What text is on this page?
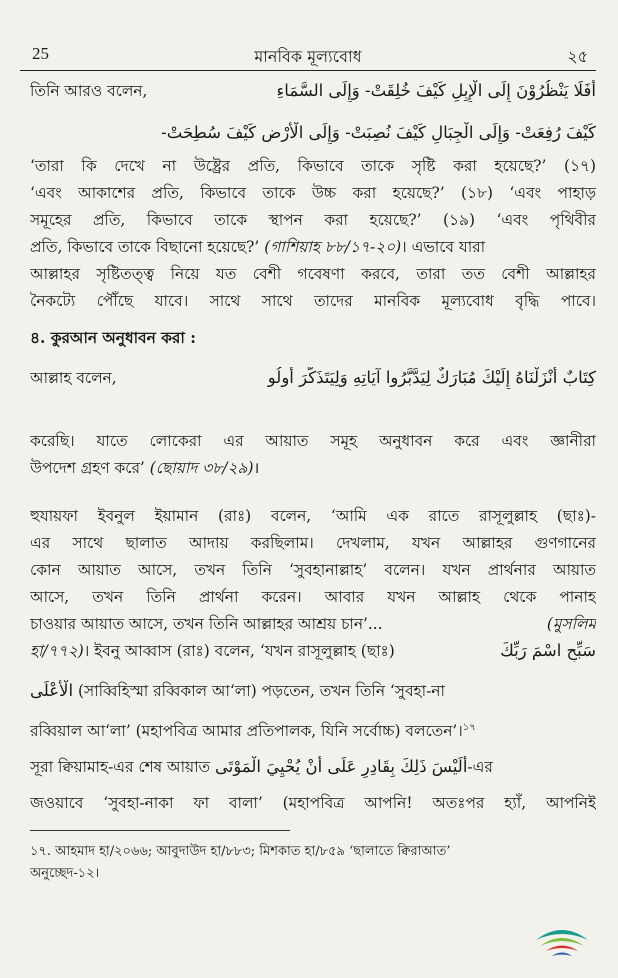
25	মানবিক মূল্যবোধ	২৫
তিনি আরও বলেন,	أَفَلَا يَنْظُرُوْنَ إِلَى الْإِبِلِ كَيْفَ خُلِقَتْ- وَإِلَى السَّمَاءِ
كَيْفَ رُفِعَتْ- وَإِلَى الْجِبَالِ كَيْفَ نُصِبَتْ- وَإِلَى الْأَرْضِ كَيْفَ سُطِحَتْ-
‘তারা কি দেখে না উষ্ট্রের প্রতি, কিভাবে তাকে সৃষ্টি করা হয়েছে?’ (১৭)
‘এবং আকাশের প্রতি, কিভাবে তাকে উচ্চ করা হয়েছে?’ (১৮) ‘এবং পাহাড়
সমূহের প্রতি, কিভাবে তাকে স্থাপন করা হয়েছে?’ (১৯) ‘এবং পৃথিবীর
প্রতি, কিভাবে তাকে বিছানো হয়েছে?’ (গাশিয়াহ ৮৮/১৭-২০)। এভাবে যারা
আল্লাহর সৃষ্টিতত্ত্ব নিয়ে যত বেশী গবেষণা করবে, তারা তত বেশী আল্লাহর
নৈকট্যে পৌঁছে যাবে। সাথে সাথে তাদের মানবিক মূল্যবোধ বৃদ্ধি পাবে।
৪. কুরআন অনুধাবন করা :
আল্লাহ বলেন,	كِتَابٌ أَنْزَلْنَاهُ إِلَيْكَ مُبَارَكٌ لِيَدَّبَّرُوا آيَاتِهِ وَلِيَتَذَكَّرَ أُولُو
করেছি। যাতে লোকেরা এর আয়াত সমূহ অনুধাবন করে এবং জ্ঞানীরা
উপদেশ গ্রহণ করে’ (ছোয়াদ ৩৮/২৯)।
হুযায়ফা ইবনুল ইয়ামান (রাঃ) বলেন, ‘আমি এক রাতে রাসূলুল্লাহ (ছাঃ)-
এর সাথে ছালাত আদায় করছিলাম। দেখলাম, যখন আল্লাহর গুণগানের
কোন আয়াত আসে, তখন তিনি ‘সুবহানাল্লাহ’ বলেন। যখন প্রার্থনার আয়াত
আসে, তখন তিনি প্রার্থনা করেন। আবার যখন আল্লাহ থেকে পানাহ
চাওয়ার আয়াত আসে, তখন তিনি আল্লাহর আশ্রয় চান’...	(মুসলিম
হা/৭৭২)। ইবনু আব্বাস (রাঃ) বলেন, ‘যখন রাসূলুল্লাহ (ছাঃ)	سَبِّحِ اسْمَ رَبِّكَ
الْأَعْلَى (সাব্বিহিস্মা রব্বিকাল আ‘লা) পড়তেন, তখন তিনি ‘সুবহা-না
রব্বিয়াল আ‘লা’ (মহাপবিত্র আমার প্রতিপালক, যিনি সর্বোচ্চ) বলতেন’।$^{১৭}$
সূরা ক্বিয়ামাহ-এর শেষ আয়াত أَلَيْسَ ذَلِكَ بِقَادِرٍ عَلَى أَنْ يُحْيِيَ الْمَوْتَى-এর
জওয়াবে ‘সুবহা-নাকা ফা বালা’ (মহাপবিত্র আপনি! অতঃপর হ্যাঁ, আপনিই
১৭. আহমাদ হা/২০৬৬; আবুদাউদ হা/৮৮৩; মিশকাত হা/৮৫৯ ‘ছালাতে ক্বিরাআত’
অনুচ্ছেদ-১২।
